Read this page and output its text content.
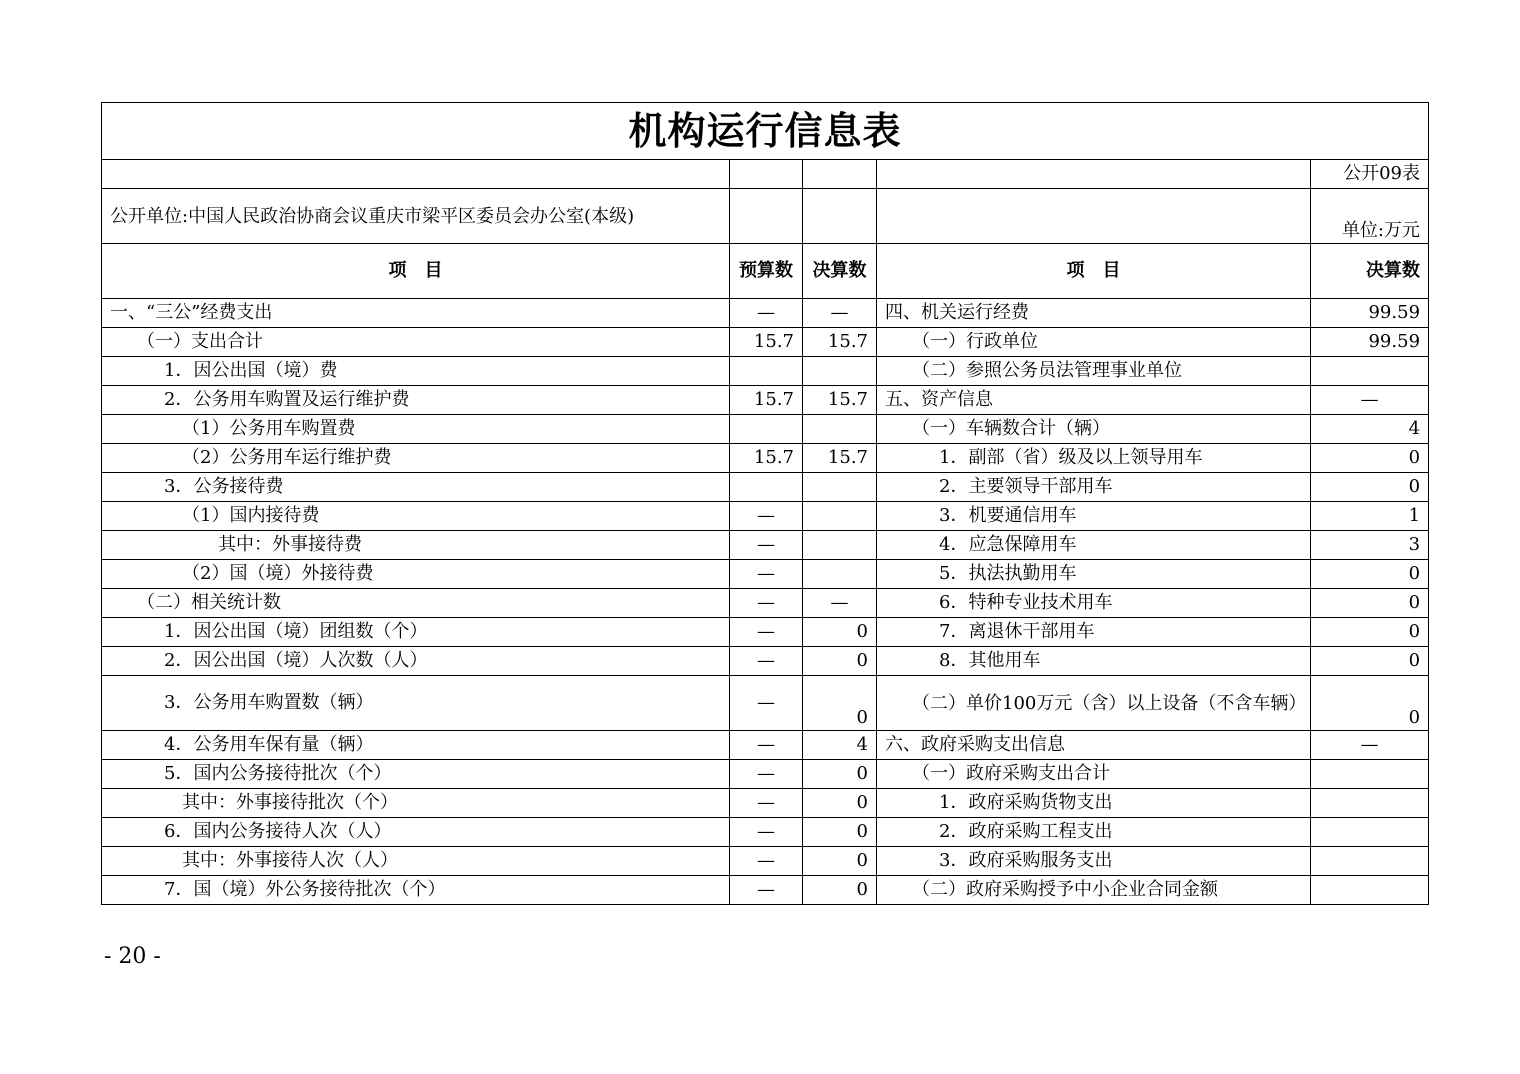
机构运行信息表				
				公开09表
公开单位:中国人民政治协商会议重庆市梁平区委员会办公室(本级)				单位:万元
项　目	预算数	决算数	项　目	决算数
一、“三公”经费支出	—	—	四、机关运行经费	99.59
（一）支出合计	15.7	15.7	（一）行政单位	99.59
1．因公出国（境）费			（二）参照公务员法管理事业单位	
2．公务用车购置及运行维护费	15.7	15.7	五、资产信息	—
（1）公务用车购置费			（一）车辆数合计（辆）	4
（2）公务用车运行维护费	15.7	15.7	1．副部（省）级及以上领导用车	0
3．公务接待费			2．主要领导干部用车	0
（1）国内接待费	—		3．机要通信用车	1
其中：外事接待费	—		4．应急保障用车	3
（2）国（境）外接待费	—		5．执法执勤用车	0
（二）相关统计数	—	—	6．特种专业技术用车	0
1．因公出国（境）团组数（个）	—	0	7．离退休干部用车	0
2．因公出国（境）人次数（人）	—	0	8．其他用车	0
3．公务用车购置数（辆）	—	0	（二）单价100万元（含）以上设备（不含车辆）	0
4．公务用车保有量（辆）	—	4	六、政府采购支出信息	—
5．国内公务接待批次（个）	—	0	（一）政府采购支出合计	
其中：外事接待批次（个）	—	0	1．政府采购货物支出	
6．国内公务接待人次（人）	—	0	2．政府采购工程支出	
其中：外事接待人次（人）	—	0	3．政府采购服务支出	
7．国（境）外公务接待批次（个）	—	0	（二）政府采购授予中小企业合同金额	
- 20 -
